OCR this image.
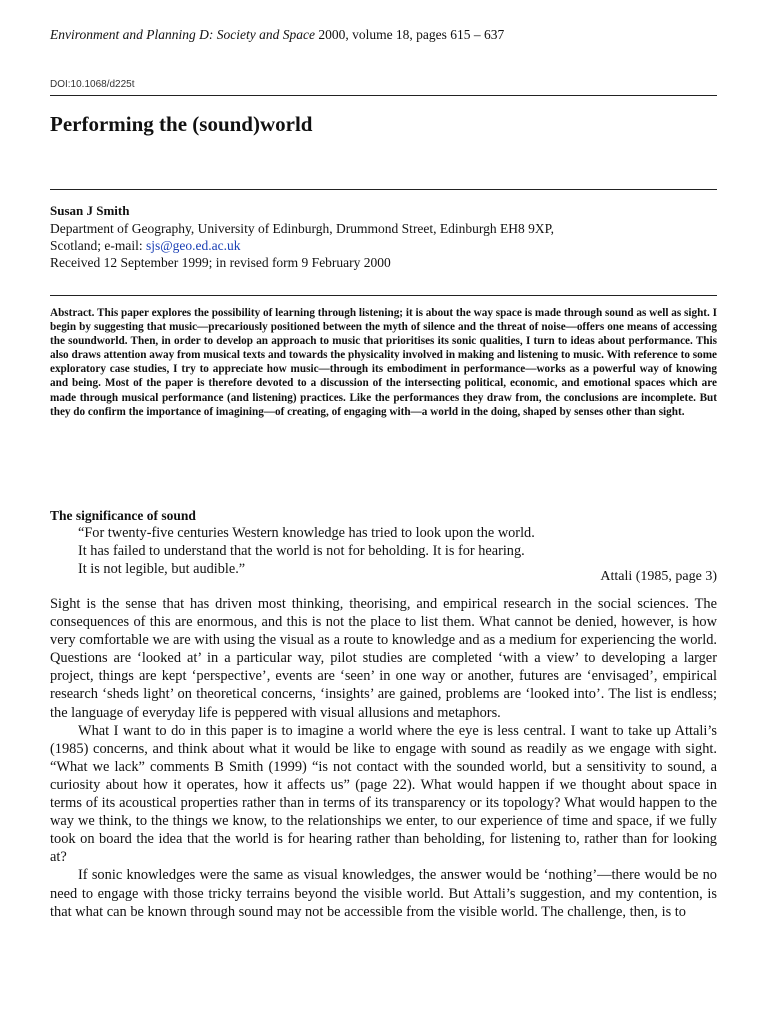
Environment and Planning D: Society and Space 2000, volume 18, pages 615 – 637
DOI:10.1068/d225t
Performing the (sound)world
Susan J Smith
Department of Geography, University of Edinburgh, Drummond Street, Edinburgh EH8 9XP,
Scotland; e-mail: sjs@geo.ed.ac.uk
Received 12 September 1999; in revised form 9 February 2000
Abstract. This paper explores the possibility of learning through listening; it is about the way space is made through sound as well as sight. I begin by suggesting that music—precariously positioned between the myth of silence and the threat of noise—offers one means of accessing the soundworld. Then, in order to develop an approach to music that prioritises its sonic qualities, I turn to ideas about performance. This also draws attention away from musical texts and towards the physicality involved in making and listening to music. With reference to some exploratory case studies, I try to appreciate how music—through its embodiment in performance—works as a powerful way of knowing and being. Most of the paper is therefore devoted to a discussion of the intersecting political, economic, and emotional spaces which are made through musical performance (and listening) practices. Like the performances they draw from, the conclusions are incomplete. But they do confirm the importance of imagining—of creating, of engaging with—a world in the doing, shaped by senses other than sight.
The significance of sound
“For twenty-five centuries Western knowledge has tried to look upon the world.
It has failed to understand that the world is not for beholding. It is for hearing.
It is not legible, but audible.”	Attali (1985, page 3)

Sight is the sense that has driven most thinking, theorising, and empirical research in the social sciences. The consequences of this are enormous, and this is not the place to list them. What cannot be denied, however, is how very comfortable we are with using the visual as a route to knowledge and as a medium for experiencing the world. Questions are ‘looked at’ in a particular way, pilot studies are completed ‘with a view’ to developing a larger project, things are kept ‘perspective’, events are ‘seen’ in one way or another, futures are ‘envisaged’, empirical research ‘sheds light’ on theoretical concerns, ‘insights’ are gained, problems are ‘looked into’. The list is endless; the language of everyday life is peppered with visual allusions and metaphors.

What I want to do in this paper is to imagine a world where the eye is less central. I want to take up Attali’s (1985) concerns, and think about what it would be like to engage with sound as readily as we engage with sight. “What we lack” comments B Smith (1999) “is not contact with the sounded world, but a sensitivity to sound, a curiosity about how it operates, how it affects us” (page 22). What would happen if we thought about space in terms of its acoustical properties rather than in terms of its transparency or its topology? What would happen to the way we think, to the things we know, to the relationships we enter, to our experience of time and space, if we fully took on board the idea that the world is for hearing rather than beholding, for listening to, rather than for looking at?

If sonic knowledges were the same as visual knowledges, the answer would be ‘nothing’—there would be no need to engage with those tricky terrains beyond the visible world. But Attali’s suggestion, and my contention, is that what can be known through sound may not be accessible from the visible world. The challenge, then, is to
